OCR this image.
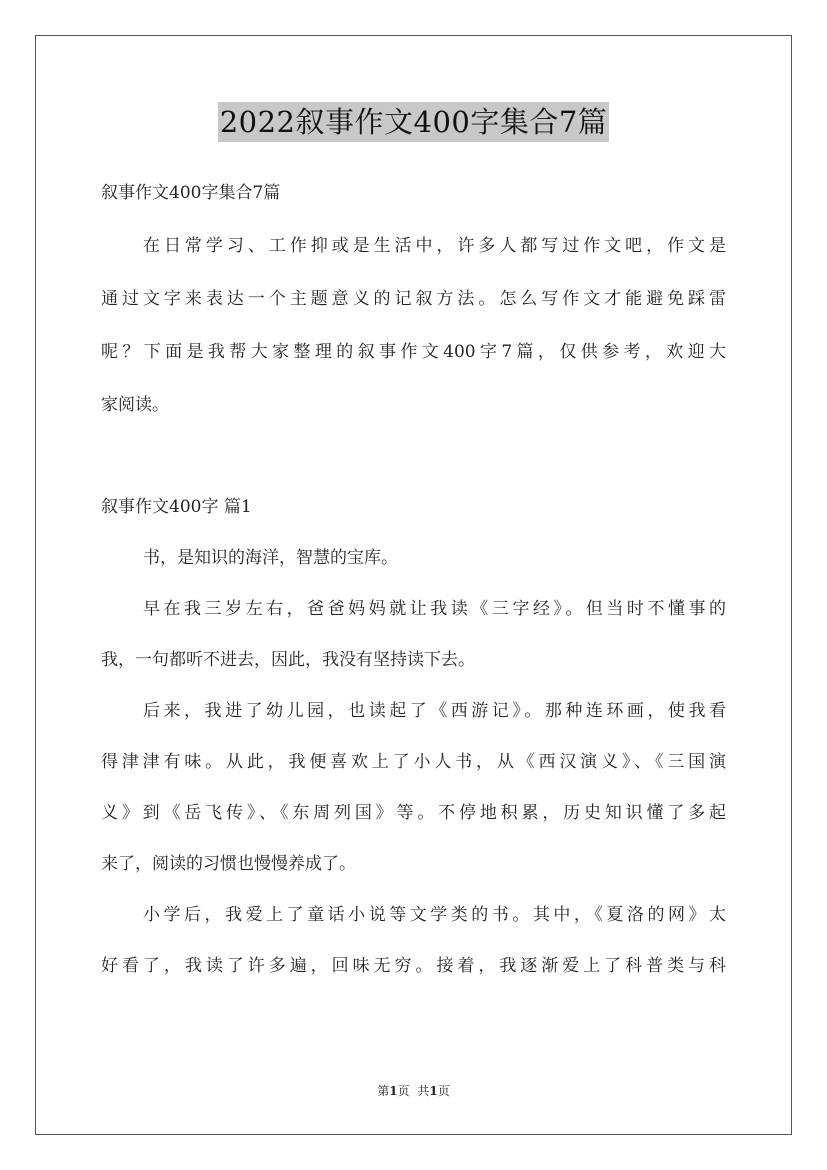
2022叙事作文400字集合7篇
叙事作文400字集合7篇
在日常学习、工作抑或是生活中，许多人都写过作文吧，作文是
通过文字来表达一个主题意义的记叙方法。怎么写作文才能避免踩雷
呢？下面是我帮大家整理的叙事作文400字7篇，仅供参考，欢迎大
家阅读。
叙事作文400字 篇1
书，是知识的海洋，智慧的宝库。
早在我三岁左右，爸爸妈妈就让我读《三字经》。但当时不懂事的
我，一句都听不进去，因此，我没有坚持读下去。
后来，我进了幼儿园，也读起了《西游记》。那种连环画，使我看
得津津有味。从此，我便喜欢上了小人书，从《西汉演义》、《三国演
义》到《岳飞传》、《东周列国》等。不停地积累，历史知识懂了多起
来了，阅读的习惯也慢慢养成了。
小学后，我爱上了童话小说等文学类的书。其中，《夏洛的网》太
好看了，我读了许多遍，回味无穷。接着，我逐渐爱上了科普类与科
第1页 共1页
